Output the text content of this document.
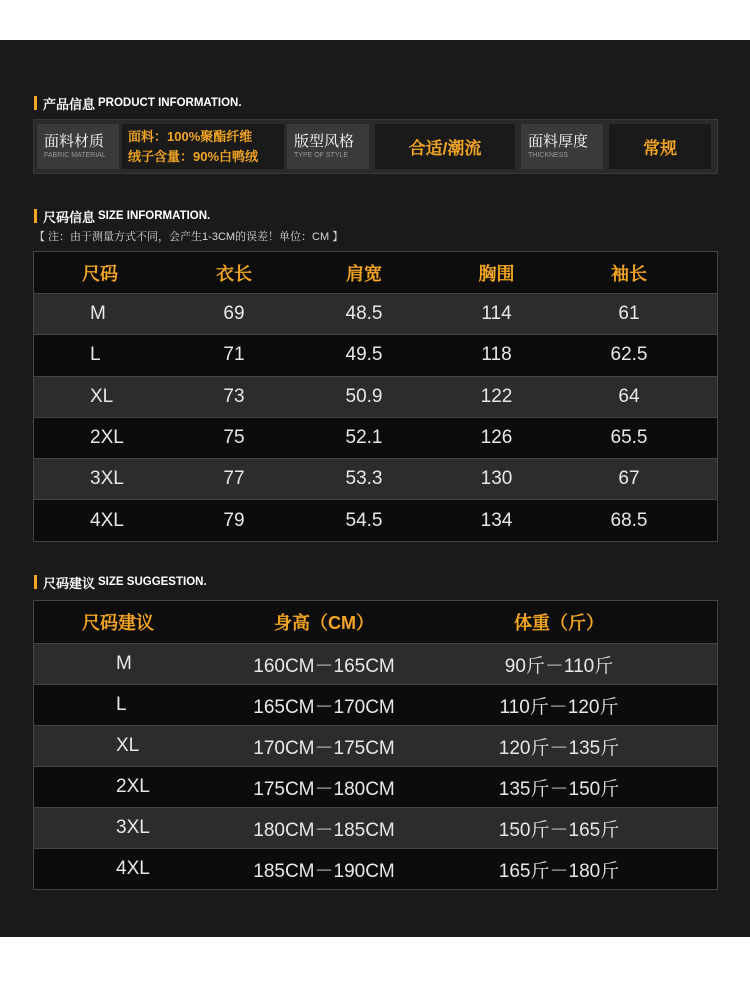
产品信息 PRODUCT INFORMATION.
面料材质
FABRIC MATERIAL
面料：100%聚酯纤维
绒子含量：90%白鸭绒
版型风格
TYPE OF STYLE	合适/潮流	面料厚度
THICKNESS	常规
尺码信息 SIZE INFORMATION.
【 注：由于测量方式不同，会产生1-3CM的误差！单位：CM 】
尺码	衣长	肩宽	胸围	袖长
M	69	48.5	114	61
L	71	49.5	118	62.5
XL	73	50.9	122	64
2XL	75	52.1	126	65.5
3XL	77	53.3	130	67
4XL	79	54.5	134	68.5
尺码建议 SIZE SUGGESTION.
尺码建议	身高（CM）	体重（斤）
M	160CM－165CM	90斤－110斤
L	165CM－170CM	110斤－120斤
XL	170CM－175CM	120斤－135斤
2XL	175CM－180CM	135斤－150斤
3XL	180CM－185CM	150斤－165斤
4XL	185CM－190CM	165斤－180斤
